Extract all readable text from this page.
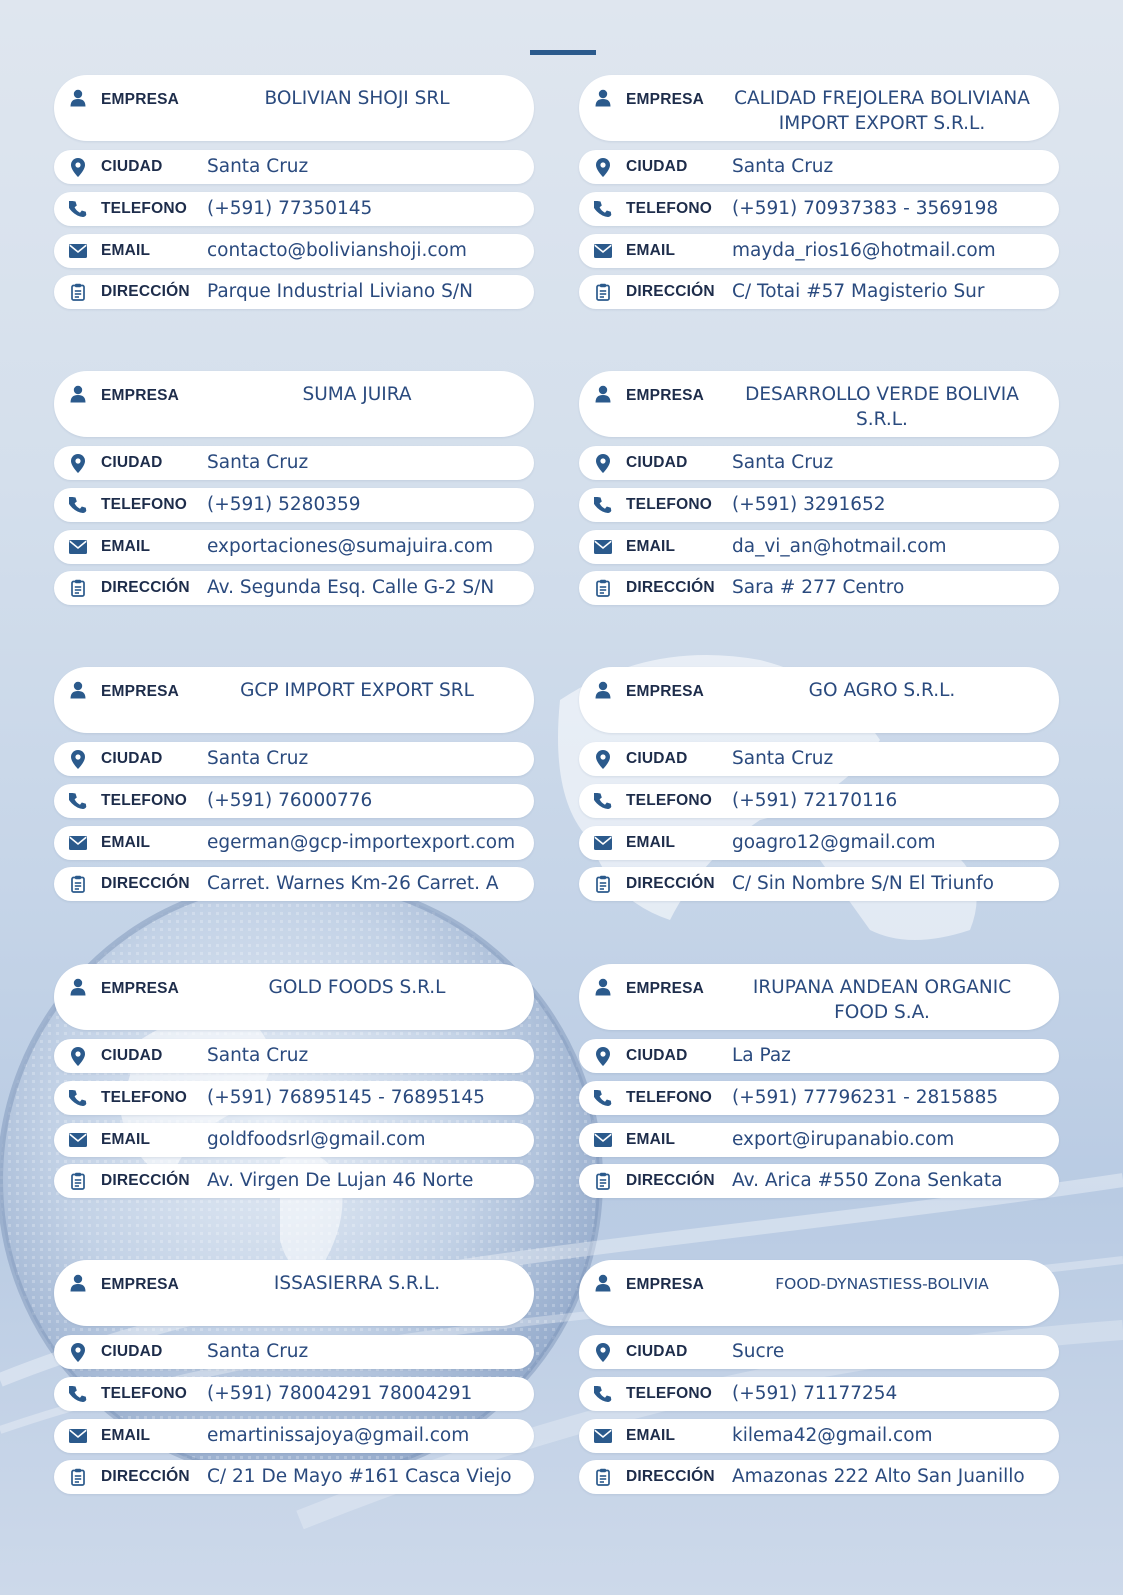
EMPRESA	BOLIVIAN SHOJI SRL
CIUDAD Santa Cruz
TELEFONO (+591) 77350145
EMAIL	contacto@bolivianshoji.com
DIRECCIÓN Parque Industrial Liviano S/N
EMPRESA CALIDAD FREJOLERA BOLIVIANA IMPORT EXPORT S.R.L.
CIUDAD Santa Cruz
TELEFONO (+591) 70937383 - 3569198
EMAIL	mayda_rios16@hotmail.com
DIRECCIÓN C/ Totai #57 Magisterio Sur
EMPRESA	SUMA JUIRA
CIUDAD Santa Cruz
TELEFONO (+591) 5280359
EMAIL	exportaciones@sumajuira.com
DIRECCIÓN Av. Segunda Esq. Calle G-2 S/N
EMPRESA	DESARROLLO VERDE BOLIVIA S.R.L.
CIUDAD Santa Cruz
TELEFONO (+591) 3291652
EMAIL	da_vi_an@hotmail.com
DIRECCIÓN Sara # 277 Centro
EMPRESA	GCP IMPORT EXPORT SRL
CIUDAD Santa Cruz
TELEFONO (+591) 76000776
EMAIL	egerman@gcp-importexport.com
DIRECCIÓN Carret. Warnes Km-26 Carret. A
EMPRESA	GO AGRO S.R.L.
CIUDAD Santa Cruz
TELEFONO (+591) 72170116
EMAIL	goagro12@gmail.com
DIRECCIÓN C/ Sin Nombre S/N El Triunfo
EMPRESA	GOLD FOODS S.R.L
CIUDAD Santa Cruz
TELEFONO (+591) 76895145 - 76895145
EMAIL	goldfoodsrl@gmail.com
DIRECCIÓN Av. Virgen De Lujan 46 Norte
EMPRESA	IRUPANA ANDEAN ORGANIC FOOD S.A.
CIUDAD La Paz
TELEFONO (+591) 77796231 - 2815885
EMAIL	export@irupanabio.com
DIRECCIÓN Av. Arica #550 Zona Senkata
EMPRESA	ISSASIERRA S.R.L.
CIUDAD Santa Cruz
TELEFONO (+591) 78004291 78004291
EMAIL	emartinissajoya@gmail.com
DIRECCIÓN C/ 21 De Mayo #161 Casca Viejo
EMPRESA	FOOD-DYNASTIESS-BOLIVIA
CIUDAD Sucre
TELEFONO (+591) 71177254
EMAIL	kilema42@gmail.com
DIRECCIÓN Amazonas 222 Alto San Juanillo
